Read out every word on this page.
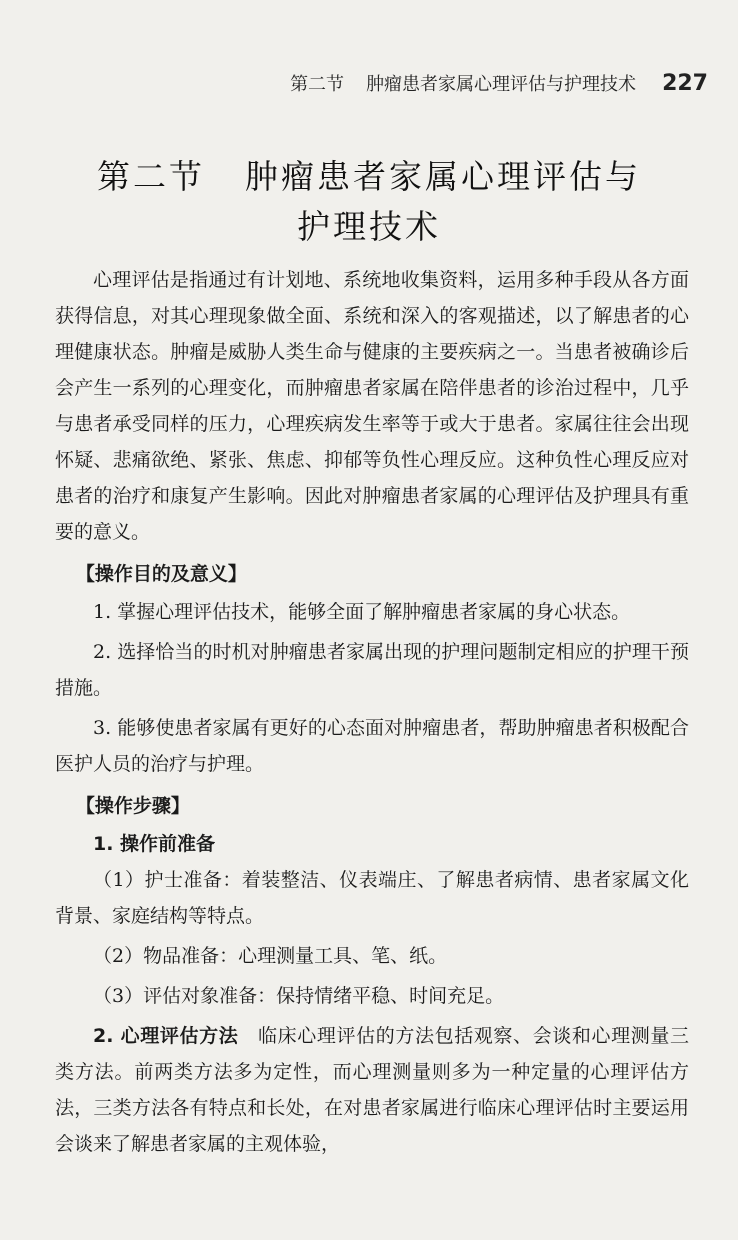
第二节 肿瘤患者家属心理评估与护理技术 227
第二节 肿瘤患者家属心理评估与
护理技术

心理评估是指通过有计划地、系统地收集资料，运用多种手段从各方面获得信息，对其心理现象做全面、系统和深入的客观描述，以了解患者的心理健康状态。肿瘤是威胁人类生命与健康的主要疾病之一。当患者被确诊后会产生一系列的心理变化，而肿瘤患者家属在陪伴患者的诊治过程中，几乎与患者承受同样的压力，心理疾病发生率等于或大于患者。家属往往会出现怀疑、悲痛欲绝、紧张、焦虑、抑郁等负性心理反应。这种负性心理反应对患者的治疗和康复产生影响。因此对肿瘤患者家属的心理评估及护理具有重要的意义。

【操作目的及意义】

1. 掌握心理评估技术，能够全面了解肿瘤患者家属的身心状态。

2. 选择恰当的时机对肿瘤患者家属出现的护理问题制定相应的护理干预措施。

3. 能够使患者家属有更好的心态面对肿瘤患者，帮助肿瘤患者积极配合医护人员的治疗与护理。

【操作步骤】

1. 操作前准备

（1）护士准备：着装整洁、仪表端庄、了解患者病情、患者家属文化背景、家庭结构等特点。

（2）物品准备：心理测量工具、笔、纸。

（3）评估对象准备：保持情绪平稳、时间充足。

2. 心理评估方法　 临床心理评估的方法包括观察、会谈和心理测量三类方法。前两类方法多为定性，而心理测量则多为一种定量的心理评估方法，三类方法各有特点和长处，在对患者家属进行临床心理评估时主要运用会谈来了解患者家属的主观体验，
